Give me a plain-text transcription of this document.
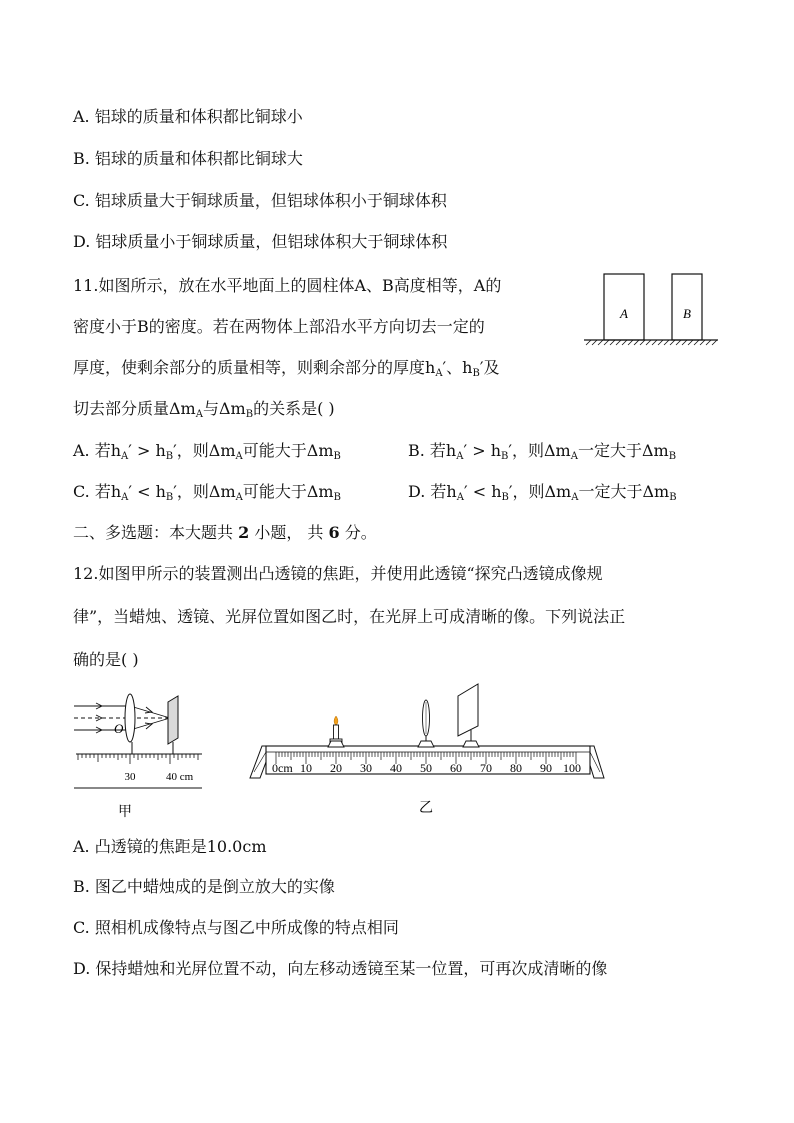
A. 铝球的质量和体积都比铜球小
B. 铝球的质量和体积都比铜球大
C. 铝球质量大于铜球质量，但铝球体积小于铜球体积
D. 铝球质量小于铜球质量，但铝球体积大于铜球体积
11.如图所示，放在水平地面上的圆柱体A、B高度相等，A的
密度小于B的密度。若在两物体上部沿水平方向切去一定的
厚度，使剩余部分的质量相等，则剩余部分的厚度$h_A'$、$h_B'$及
切去部分质量$\Delta m_A$与$\Delta m_B$的关系是( )
A	B
A. 若$h_A' > h_B'$，则$\Delta m_A$可能大于$\Delta m_B$	B. 若$h_A' > h_B'$，则$\Delta m_A$一定大于$\Delta m_B$
C. 若$h_A' < h_B'$，则$\Delta m_A$可能大于$\Delta m_B$	D. 若$h_A' < h_B'$，则$\Delta m_A$一定大于$\Delta m_B$
二、多选题：本大题共 2 小题， 共 6 分。
12.如图甲所示的装置测出凸透镜的焦距，并使用此透镜“探究凸透镜成像规
律”，当蜡烛、透镜、光屏位置如图乙时，在光屏上可成清晰的像。下列说法正
确的是( )
O
30	40 cm
甲
0cm 10 20 30 40 50 60 70 80 90 100
乙
A. 凸透镜的焦距是10.0cm
B. 图乙中蜡烛成的是倒立放大的实像
C. 照相机成像特点与图乙中所成像的特点相同
D. 保持蜡烛和光屏位置不动，向左移动透镜至某一位置，可再次成清晰的像
